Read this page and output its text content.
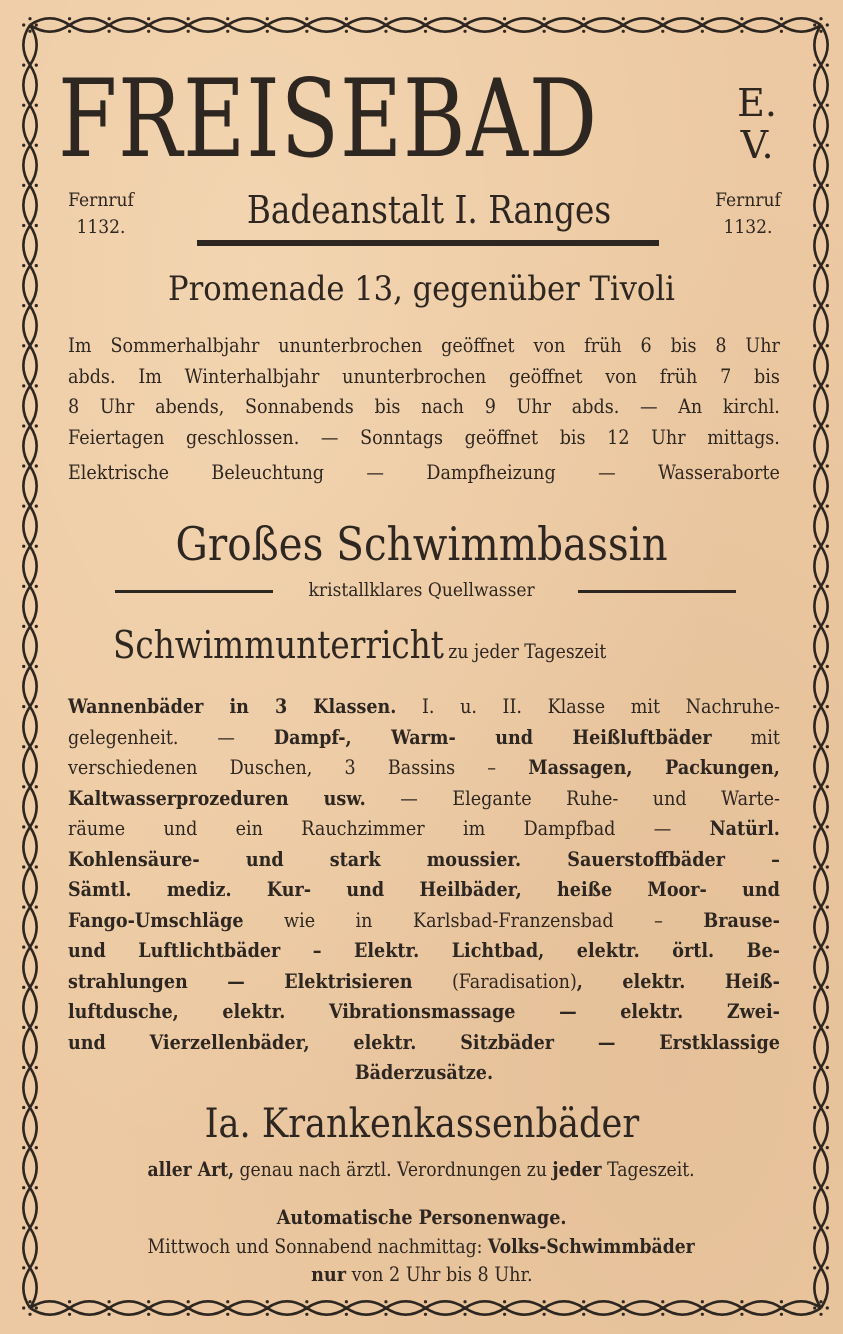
FREISEBAD	E.
V.
Fernruf
1132.	Badeanstalt I. Ranges	Fernruf
1132.
Promenade 13, gegenüber Tivoli
Im Sommerhalbjahr ununterbrochen geöffnet von früh 6 bis 8 Uhr
abds. Im Winterhalbjahr ununterbrochen geöffnet von früh 7 bis
8 Uhr abends, Sonnabends bis nach 9 Uhr abds. — An kirchl.
Feiertagen geschlossen. — Sonntags geöffnet bis 12 Uhr mittags.
Elektrische Beleuchtung — Dampfheizung — Wasseraborte
Großes Schwimmbassin
kristallklares Quellwasser
Schwimmunterricht zu jeder Tageszeit
Wannenbäder in 3 Klassen. I. u. II. Klasse mit Nachruhe-
gelegenheit. — Dampf-, Warm- und Heißluftbäder mit
verschiedenen Duschen, 3 Bassins – Massagen, Packungen,
Kaltwasserprozeduren usw. — Elegante Ruhe- und Warte-
räume und ein Rauchzimmer im Dampfbad — Natürl.
Kohlensäure- und stark moussier. Sauerstoffbäder –
Sämtl. mediz. Kur- und Heilbäder, heiße Moor- und
Fango-Umschläge wie in Karlsbad-Franzensbad – Brause-
und Luftlichtbäder – Elektr. Lichtbad, elektr. örtl. Be-
strahlungen — Elektrisieren (Faradisation), elektr. Heiß-
luftdusche, elektr. Vibrationsmassage — elektr. Zwei-
und Vierzellenbäder, elektr. Sitzbäder — Erstklassige
Bäderzusätze.
Ia. Krankenkassenbäder
aller Art, genau nach ärztl. Verordnungen zu jeder Tageszeit.
Automatische Personenwage.
Mittwoch und Sonnabend nachmittag: Volks-Schwimmbäder
nur von 2 Uhr bis 8 Uhr.
